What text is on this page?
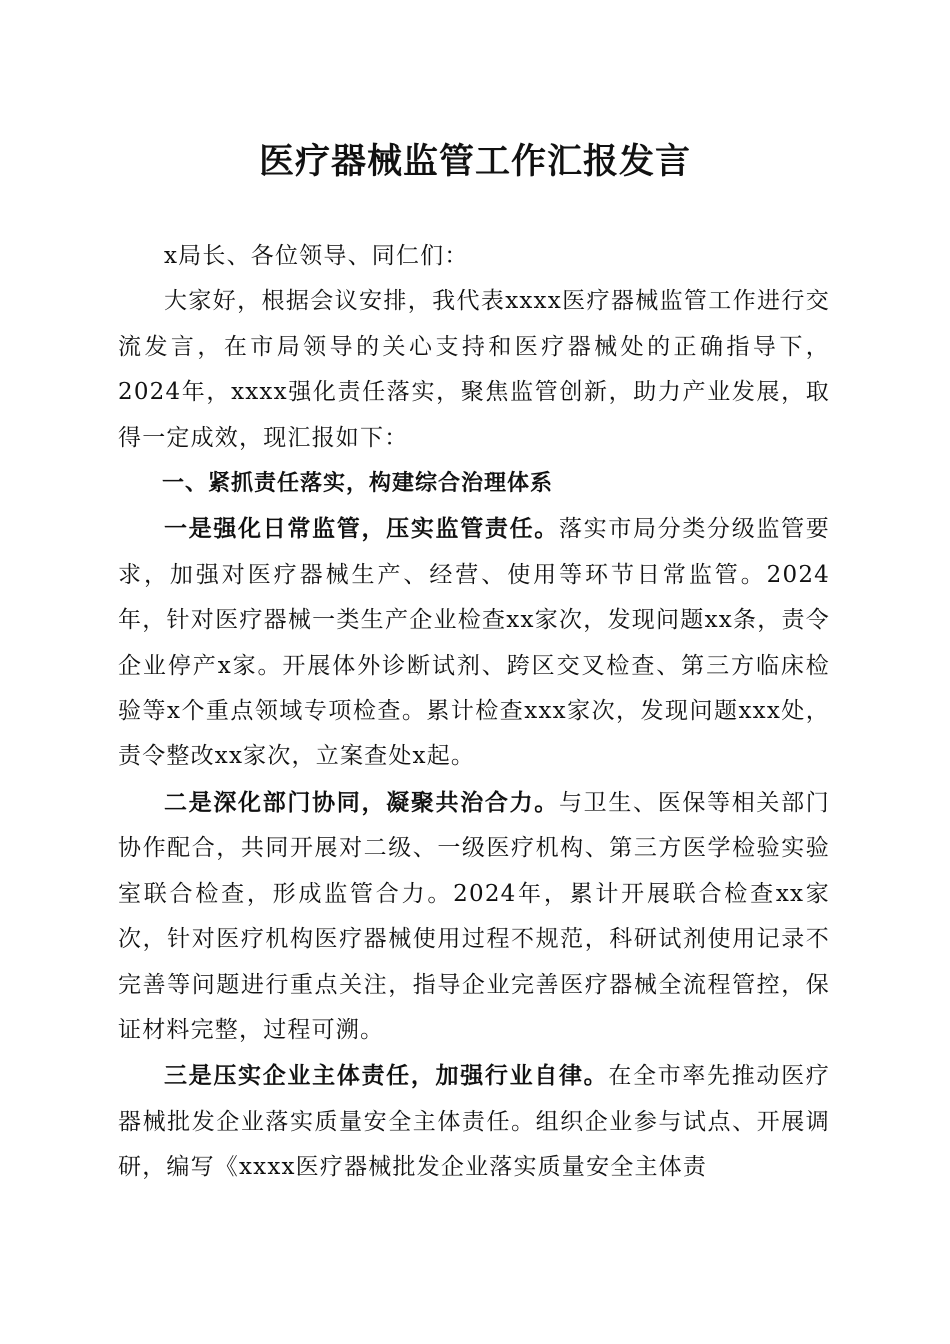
医疗器械监管工作汇报发言

x局长、各位领导、同仁们：

大家好，根据会议安排，我代表xxxx医疗器械监管工作进行交流发言，在市局领导的关心支持和医疗器械处的正确指导下，2024年，xxxx强化责任落实，聚焦监管创新，助力产业发展，取得一定成效，现汇报如下：

一、紧抓责任落实，构建综合治理体系

一是强化日常监管，压实监管责任。落实市局分类分级监管要求，加强对医疗器械生产、经营、使用等环节日常监管。2024年，针对医疗器械一类生产企业检查xx家次，发现问题xx条，责令企业停产x家。开展体外诊断试剂、跨区交叉检查、第三方临床检验等x个重点领域专项检查。累计检查xxx家次，发现问题xxx处，责令整改xx家次，立案查处x起。

二是深化部门协同，凝聚共治合力。与卫生、医保等相关部门协作配合，共同开展对二级、一级医疗机构、第三方医学检验实验室联合检查，形成监管合力。2024年，累计开展联合检查xx家次，针对医疗机构医疗器械使用过程不规范，科研试剂使用记录不完善等问题进行重点关注，指导企业完善医疗器械全流程管控，保证材料完整，过程可溯。

三是压实企业主体责任，加强行业自律。在全市率先推动医疗器械批发企业落实质量安全主体责任。组织企业参与试点、开展调研，编写《xxxx医疗器械批发企业落实质量安全主体责
